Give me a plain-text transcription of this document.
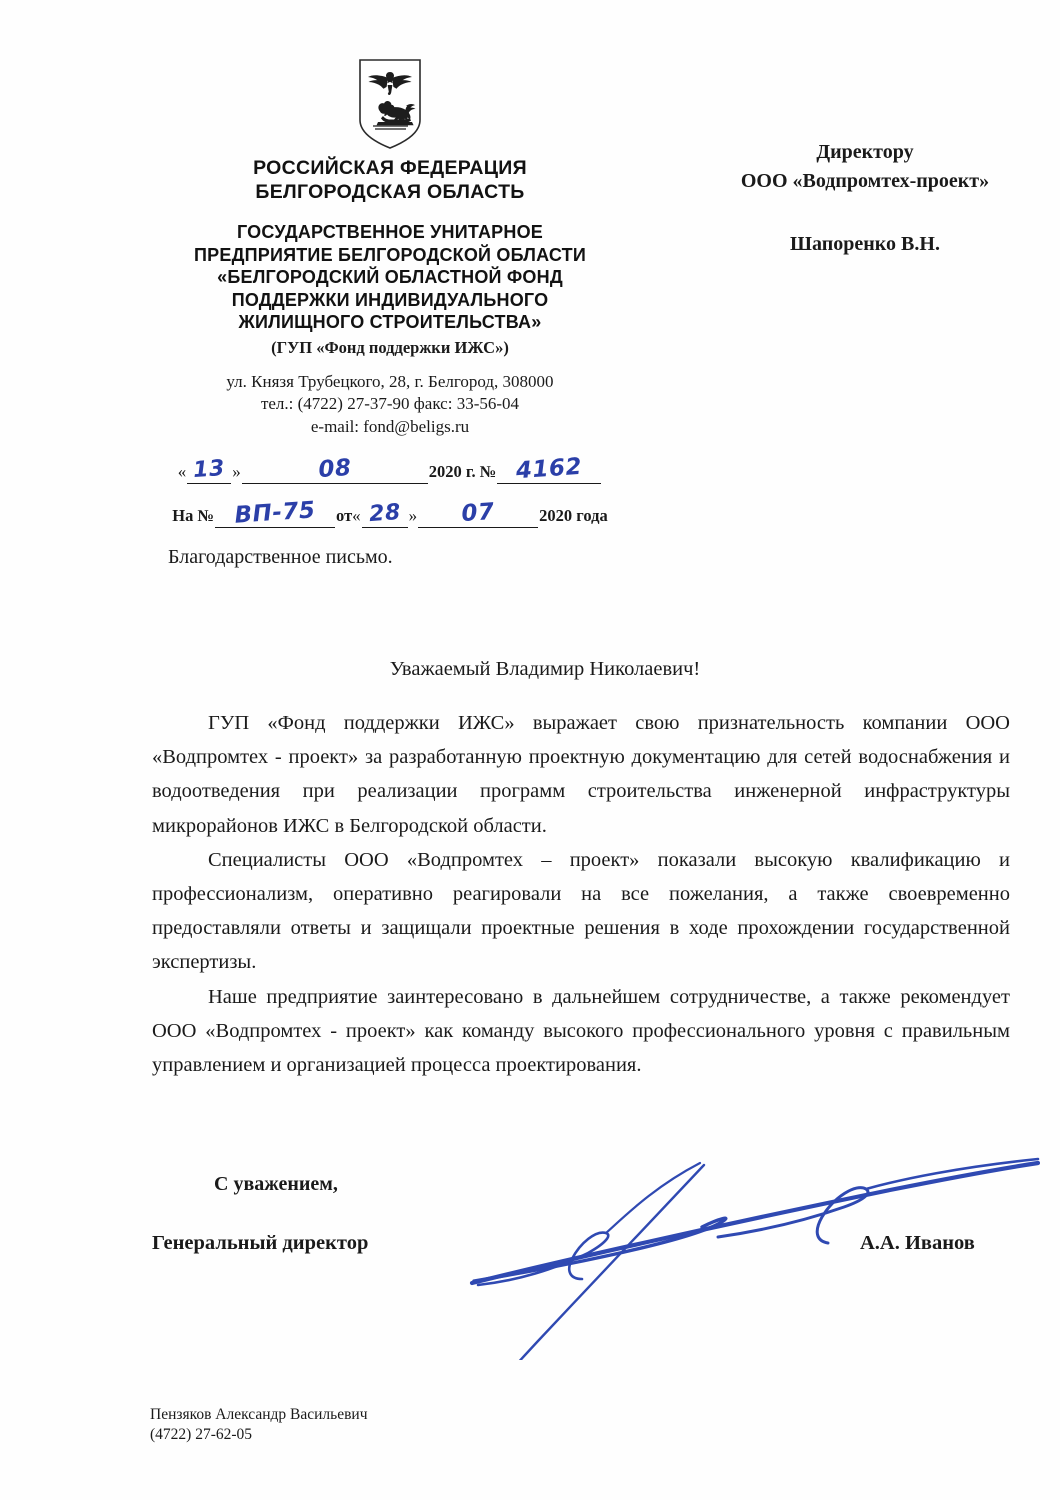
РОССИЙСКАЯ ФЕДЕРАЦИЯ
БЕЛГОРОДСКАЯ ОБЛАСТЬ
ГОСУДАРСТВЕННОЕ УНИТАРНОЕ
ПРЕДПРИЯТИЕ БЕЛГОРОДСКОЙ ОБЛАСТИ
«БЕЛГОРОДСКИЙ ОБЛАСТНОЙ ФОНД
ПОДДЕРЖКИ ИНДИВИДУАЛЬНОГО
ЖИЛИЩНОГО СТРОИТЕЛЬСТВА»
(ГУП «Фонд поддержки ИЖС»)
ул. Князя Трубецкого, 28, г. Белгород, 308000
тел.: (4722) 27-37-90 факс: 33-56-04
e-mail: fond@beligs.ru
« 13 »	08	2020 г. № 4162
На № ВП-75	от « 28 »	07	2020 года
Директору
ООО «Водпромтех-проект»
Шапоренко В.Н.
Благодарственное письмо.
Уважаемый Владимир Николаевич!

ГУП «Фонд поддержки ИЖС» выражает свою признательность компании ООО «Водпромтех - проект» за разработанную проектную документацию для сетей водоснабжения и водоотведения при реализации программ строительства инженерной инфраструктуры микрорайонов ИЖС в Белгородской области.

Специалисты ООО «Водпромтех – проект» показали высокую квалификацию и профессионализм, оперативно реагировали на все пожелания, а также своевременно предоставляли ответы и защищали проектные решения в ходе прохождении государственной экспертизы.

Наше предприятие заинтересовано в дальнейшем сотрудничестве, а также рекомендует ООО «Водпромтех - проект» как команду высокого профессионального уровня с правильным управлением и организацией процесса проектирования.

С уважением,
Генеральный директор	А.А. Иванов
Пензяков Александр Васильевич
(4722) 27-62-05
